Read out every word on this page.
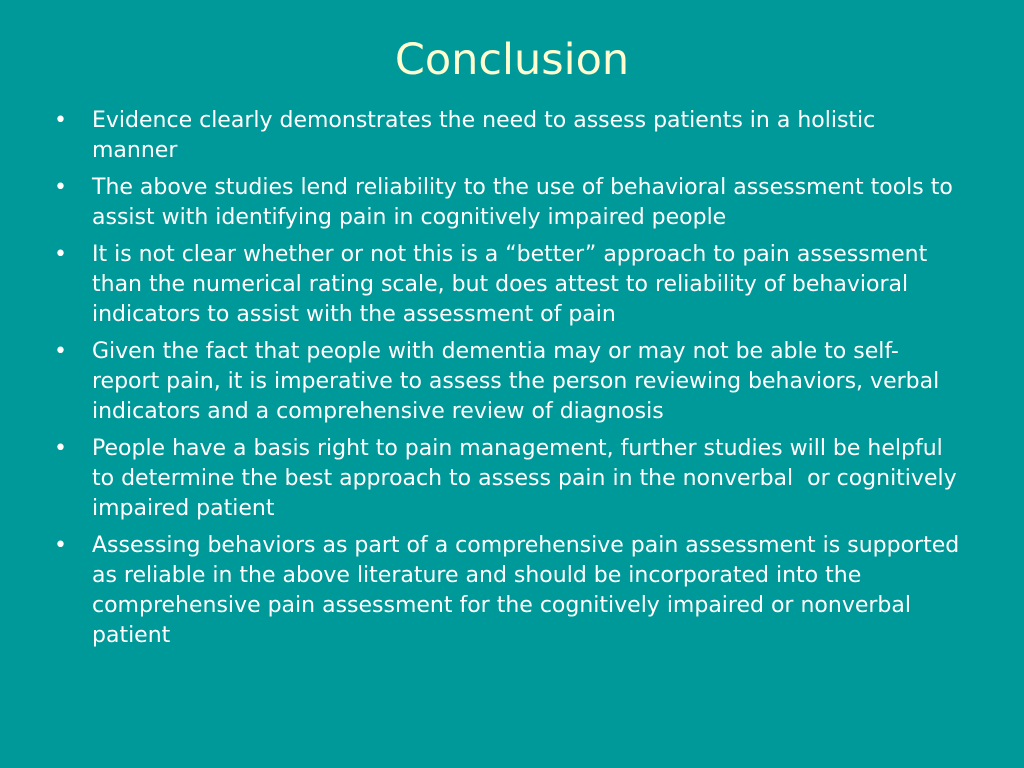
Conclusion
•	Evidence clearly demonstrates the need to assess patients in a holistic manner
•	The above studies lend reliability to the use of behavioral assessment tools to assist with identifying pain in cognitively impaired people
•	It is not clear whether or not this is a “better” approach to pain assessment than the numerical rating scale, but does attest to reliability of behavioral indicators to assist with the assessment of pain
•	Given the fact that people with dementia may or may not be able to self-report pain, it is imperative to assess the person reviewing behaviors, verbal indicators and a comprehensive review of diagnosis
•	People have a basis right to pain management, further studies will be helpful to determine the best approach to assess pain in the nonverbal  or cognitively impaired patient
•	Assessing behaviors as part of a comprehensive pain assessment is supported as reliable in the above literature and should be incorporated into the comprehensive pain assessment for the cognitively impaired or nonverbal patient
